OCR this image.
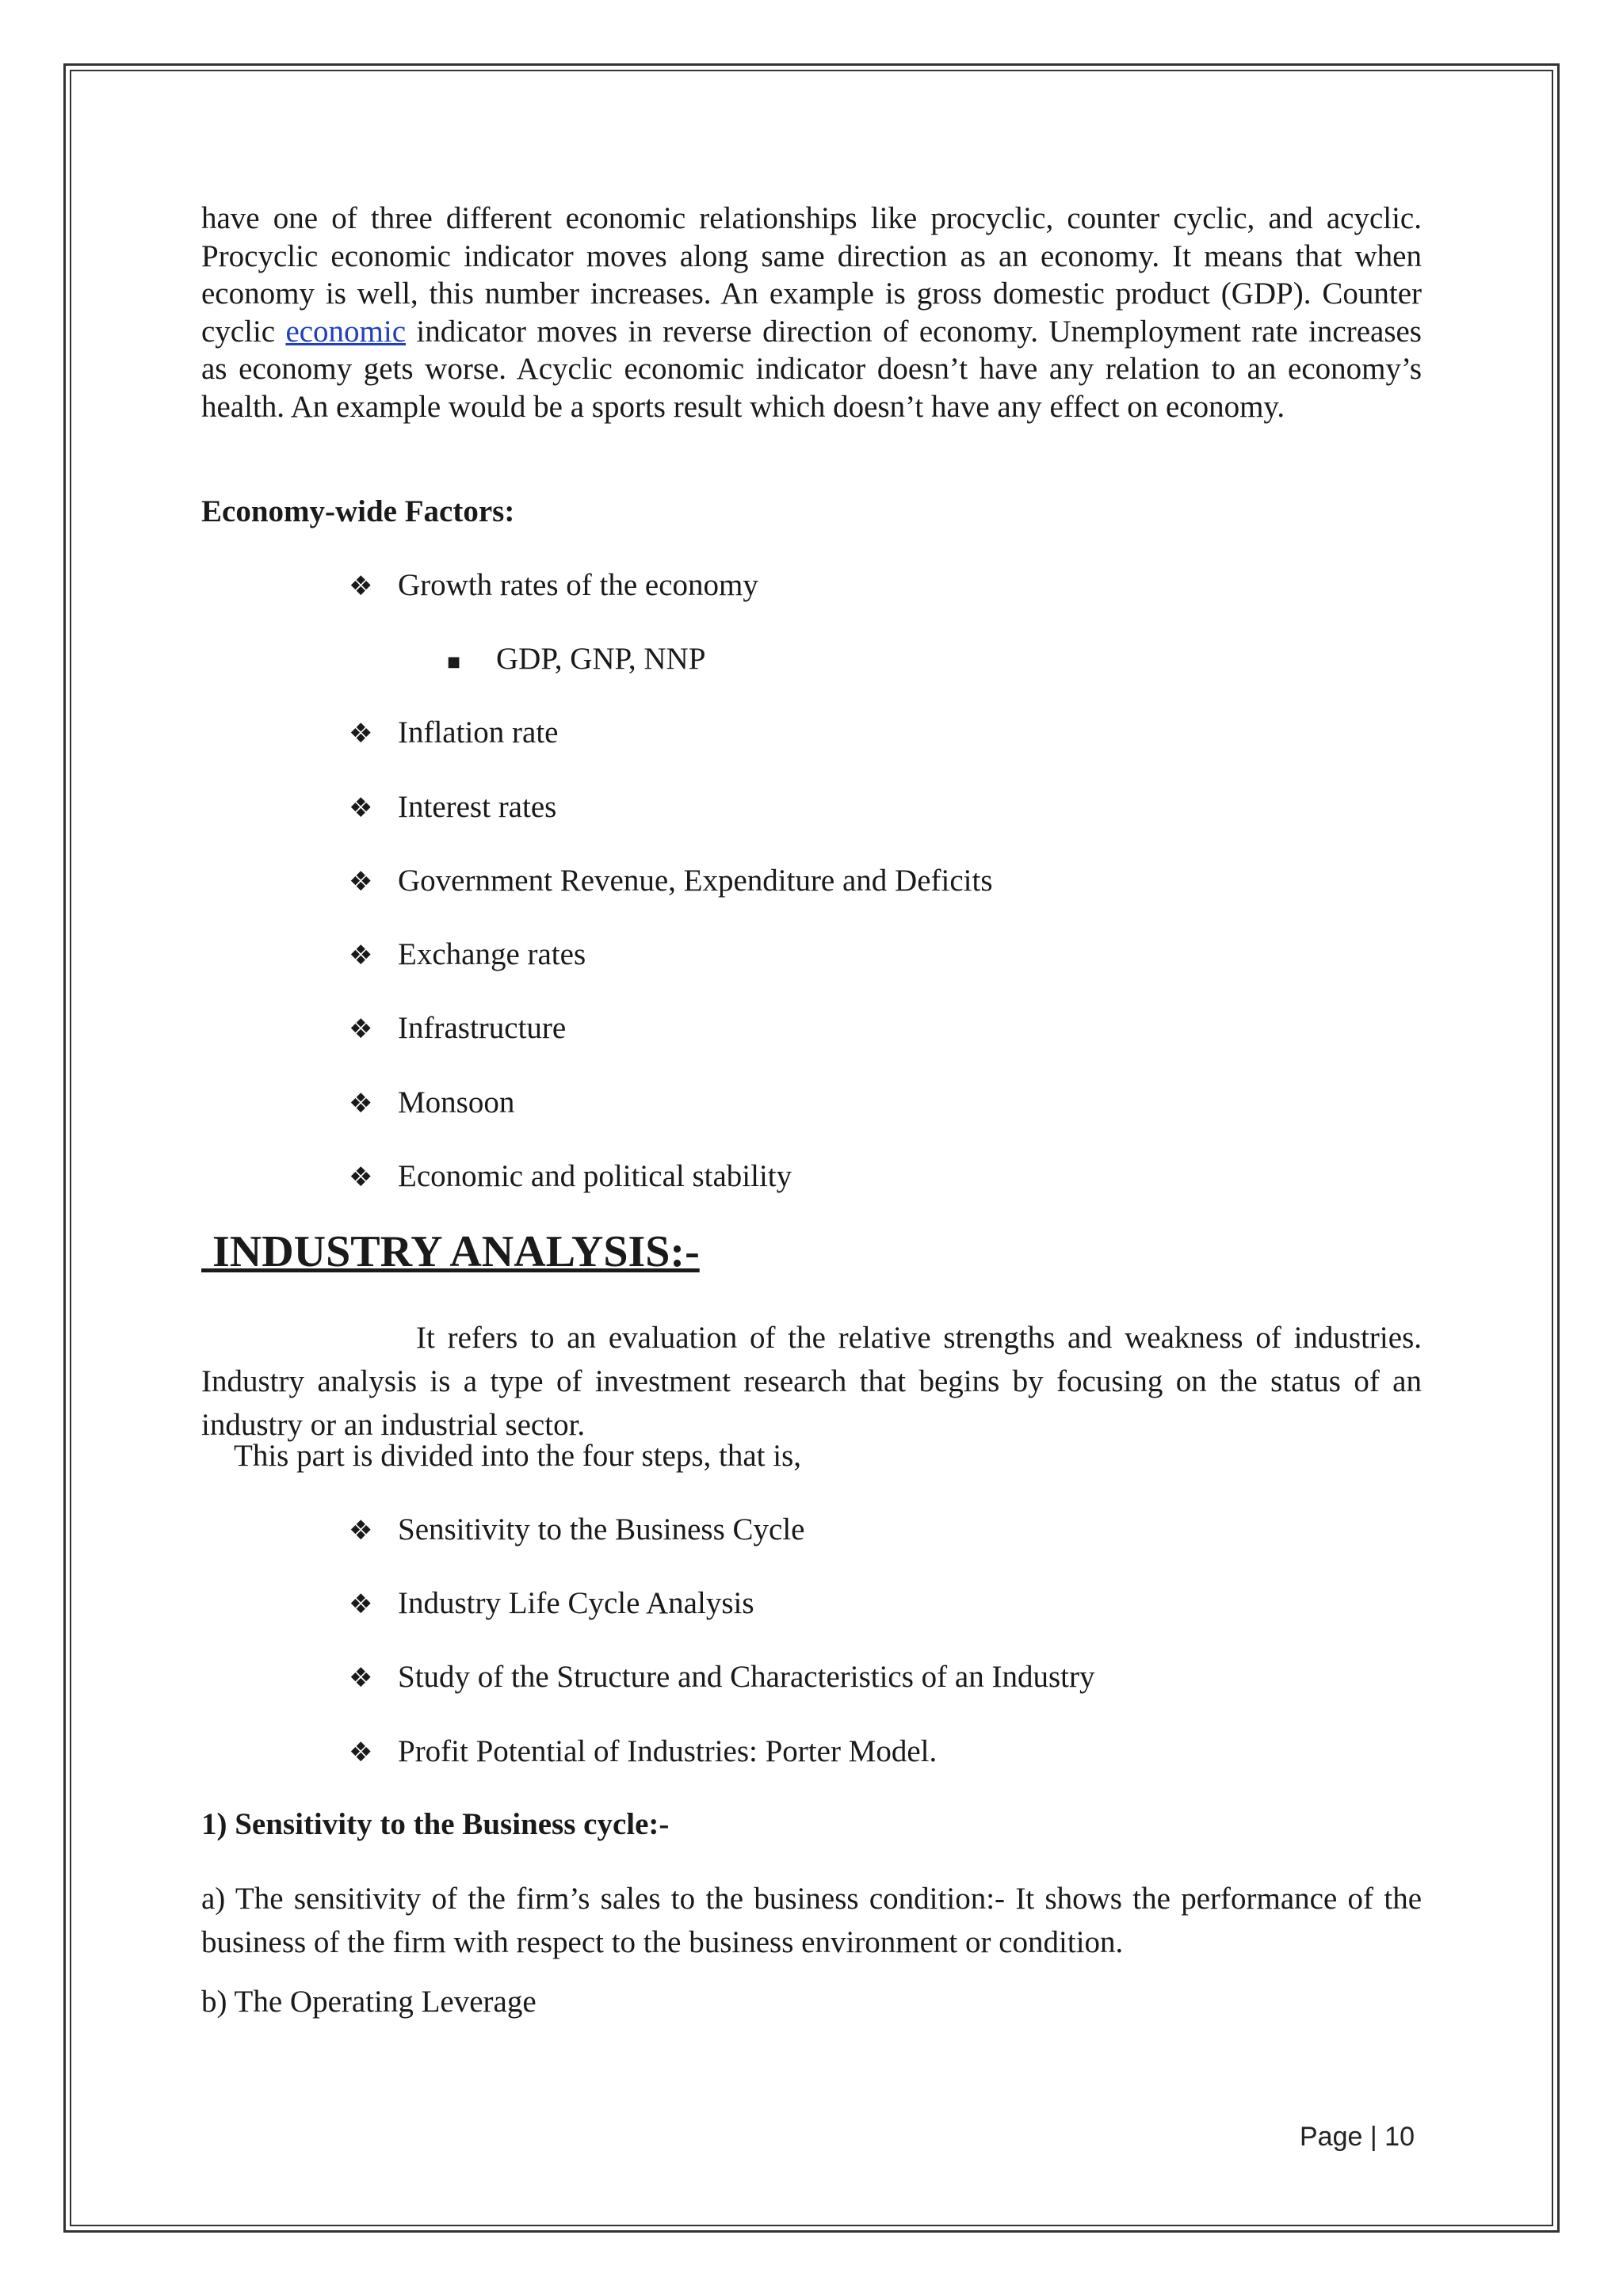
have one of three different economic relationships like procyclic, counter cyclic, and acyclic. Procyclic economic indicator moves along same direction as an economy. It means that when economy is well, this number increases. An example is gross domestic product (GDP). Counter cyclic economic indicator moves in reverse direction of economy. Unemployment rate increases as economy gets worse. Acyclic economic indicator doesn’t have any relation to an economy’s health. An example would be a sports result which doesn’t have any effect on economy.

Economy-wide Factors:

❖ Growth rates of the economy
■ GDP, GNP, NNP
❖ Inflation rate
❖ Interest rates
❖ Government Revenue, Expenditure and Deficits
❖ Exchange rates
❖ Infrastructure
❖ Monsoon
❖ Economic and political stability

INDUSTRY ANALYSIS:-

It refers to an evaluation of the relative strengths and weakness of industries. Industry analysis is a type of investment research that begins by focusing on the status of an industry or an industrial sector.

This part is divided into the four steps, that is,

❖ Sensitivity to the Business Cycle
❖ Industry Life Cycle Analysis
❖ Study of the Structure and Characteristics of an Industry
❖ Profit Potential of Industries: Porter Model.

1) Sensitivity to the Business cycle:-

a) The sensitivity of the firm’s sales to the business condition:- It shows the performance of the business of the firm with respect to the business environment or condition.

b) The Operating Leverage

Page | 10
